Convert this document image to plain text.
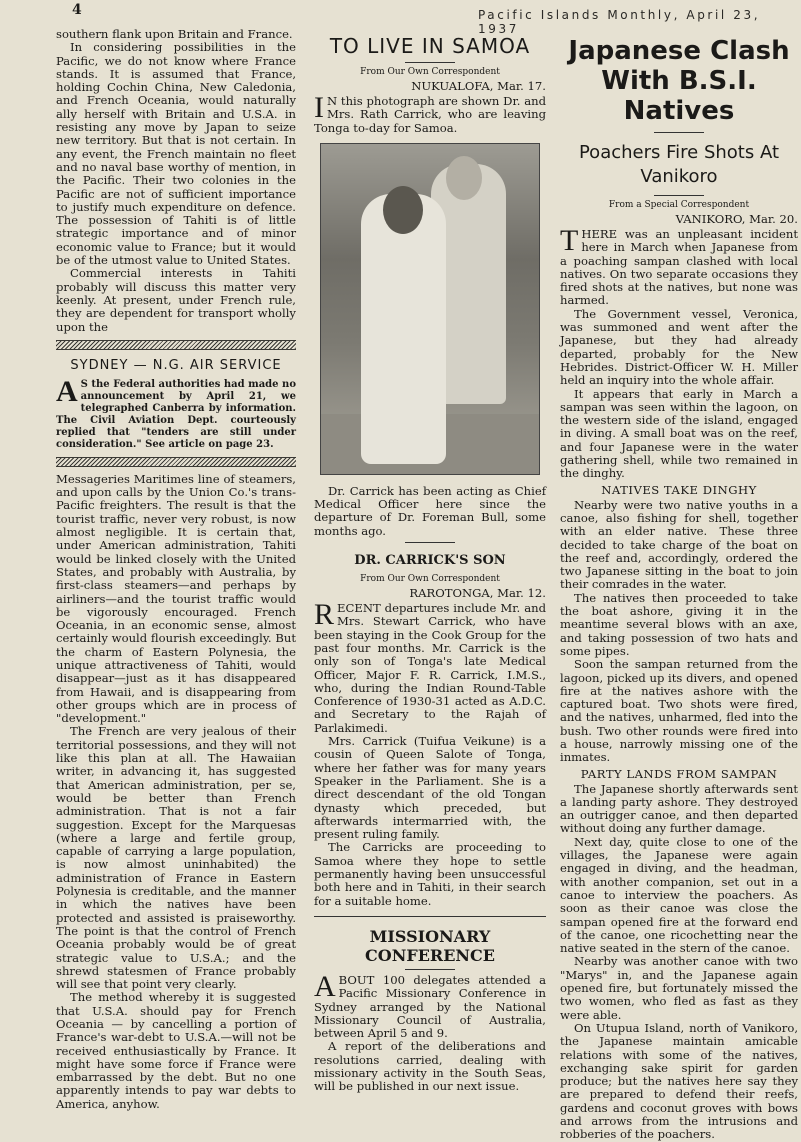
4	Pacific Islands Monthly, April 23, 1937

southern flank upon Britain and France.

In considering possibilities in the Pacific, we do not know where France stands. It is assumed that France, holding Cochin China, New Caledonia, and French Oceania, would naturally ally herself with Britain and U.S.A. in resisting any move by Japan to seize new territory. But that is not certain. In any event, the French maintain no fleet and no naval base worthy of mention, in the Pacific. Their two colonies in the Pacific are not of sufficient importance to justify much expenditure on defence. The possession of Tahiti is of little strategic importance and of minor economic value to France; but it would be of the utmost value to United States.

Commercial interests in Tahiti probably will discuss this matter very keenly. At present, under French rule, they are dependent for transport wholly upon the

SYDNEY — N.G. AIR SERVICE

A S the Federal authorities had made no announcement by April 21, we telegraphed Canberra by information. The Civil Aviation Dept. courteously replied that "tenders are still under consideration." See article on page 23.

Messageries Maritimes line of steamers, and upon calls by the Union Co.'s trans-Pacific freighters. The result is that the tourist traffic, never very robust, is now almost negligible. It is certain that, under American administration, Tahiti would be linked closely with the United States, and probably with Australia, by first-class steamers—and perhaps by airliners—and the tourist traffic would be vigorously encouraged. French Oceania, in an economic sense, almost certainly would flourish exceedingly. But the charm of Eastern Polynesia, the unique attractiveness of Tahiti, would disappear—just as it has disappeared from Hawaii, and is disappearing from other groups which are in process of "development."

The French are very jealous of their territorial possessions, and they will not like this plan at all. The Hawaiian writer, in advancing it, has suggested that American administration, per se, would be better than French administration. That is not a fair suggestion. Except for the Marquesas (where a large and fertile group, capable of carrying a large population, is now almost uninhabited) the administration of France in Eastern Polynesia is creditable, and the manner in which the natives have been protected and assisted is praiseworthy. The point is that the control of French Oceania probably would be of great strategic value to U.S.A.; and the shrewd statesmen of France probably will see that point very clearly.

The method whereby it is suggested that U.S.A. should pay for French Oceania — by cancelling a portion of France's war-debt to U.S.A.—will not be received enthusiastically by France. It might have some force if France were embarrassed by the debt. But no one apparently intends to pay war debts to America, anyhow.

TO LIVE IN SAMOA
From Our Own Correspondent
NUKUALOFA, Mar. 17.

I N this photograph are shown Dr. and Mrs. Rath Carrick, who are leaving Tonga to-day for Samoa.

Dr. Carrick has been acting as Chief Medical Officer here since the departure of Dr. Foreman Bull, some months ago.

DR. CARRICK'S SON
From Our Own Correspondent
RAROTONGA, Mar. 12.

RECENT departures include Mr. and Mrs. Stewart Carrick, who have been staying in the Cook Group for the past four months. Mr. Carrick is the only son of Tonga's late Medical Officer, Major F. R. Carrick, I.M.S., who, during the Indian Round-Table Conference of 1930-31 acted as A.D.C. and Secretary to the Rajah of Parlakimedi.

Mrs. Carrick (Tuifua Veikune) is a cousin of Queen Salote of Tonga, where her father was for many years Speaker in the Parliament. She is a direct descendant of the old Tongan dynasty which preceded, but afterwards intermarried with, the present ruling family.

The Carricks are proceeding to Samoa where they hope to settle permanently having been unsuccessful both here and in Tahiti, in their search for a suitable home.

MISSIONARY CONFERENCE

ABOUT 100 delegates attended a Pacific Missionary Conference in Sydney arranged by the National Missionary Council of Australia, between April 5 and 9.

A report of the deliberations and resolutions carried, dealing with missionary activity in the South Seas, will be published in our next issue.

Japanese Clash With B.S.I. Natives
Poachers Fire Shots At Vanikoro
From a Special Correspondent
VANIKORO, Mar. 20.

THERE was an unpleasant incident here in March when Japanese from a poaching sampan clashed with local natives. On two separate occasions they fired shots at the natives, but none was harmed.

The Government vessel, Veronica, was summoned and went after the Japanese, but they had already departed, probably for the New Hebrides. District-Officer W. H. Miller held an inquiry into the whole affair.

It appears that early in March a sampan was seen within the lagoon, on the western side of the island, engaged in diving. A small boat was on the reef, and four Japanese were in the water gathering shell, while two remained in the dinghy.

NATIVES TAKE DINGHY

Nearby were two native youths in a canoe, also fishing for shell, together with an elder native. These three decided to take charge of the boat on the reef and, accordingly, ordered the two Japanese sitting in the boat to join their comrades in the water.

The natives then proceeded to take the boat ashore, giving it in the meantime several blows with an axe, and taking possession of two hats and some pipes.

Soon the sampan returned from the lagoon, picked up its divers, and opened fire at the natives ashore with the captured boat. Two shots were fired, and the natives, unharmed, fled into the bush. Two other rounds were fired into a house, narrowly missing one of the inmates.

PARTY LANDS FROM SAMPAN

The Japanese shortly afterwards sent a landing party ashore. They destroyed an outrigger canoe, and then departed without doing any further damage.

Next day, quite close to one of the villages, the Japanese were again engaged in diving, and the headman, with another companion, set out in a canoe to interview the poachers. As soon as their canoe was close the sampan opened fire at the forward end of the canoe, one ricochetting near the native seated in the stern of the canoe.

Nearby was another canoe with two "Marys" in, and the Japanese again opened fire, but fortunately missed the two women, who fled as fast as they were able.

On Utupua Island, north of Vanikoro, the Japanese maintain amicable relations with some of the natives, exchanging sake spirit for garden produce; but the natives here say they are prepared to defend their reefs, gardens and coconut groves with bows and arrows from the intrusions and robberies of the poachers.
